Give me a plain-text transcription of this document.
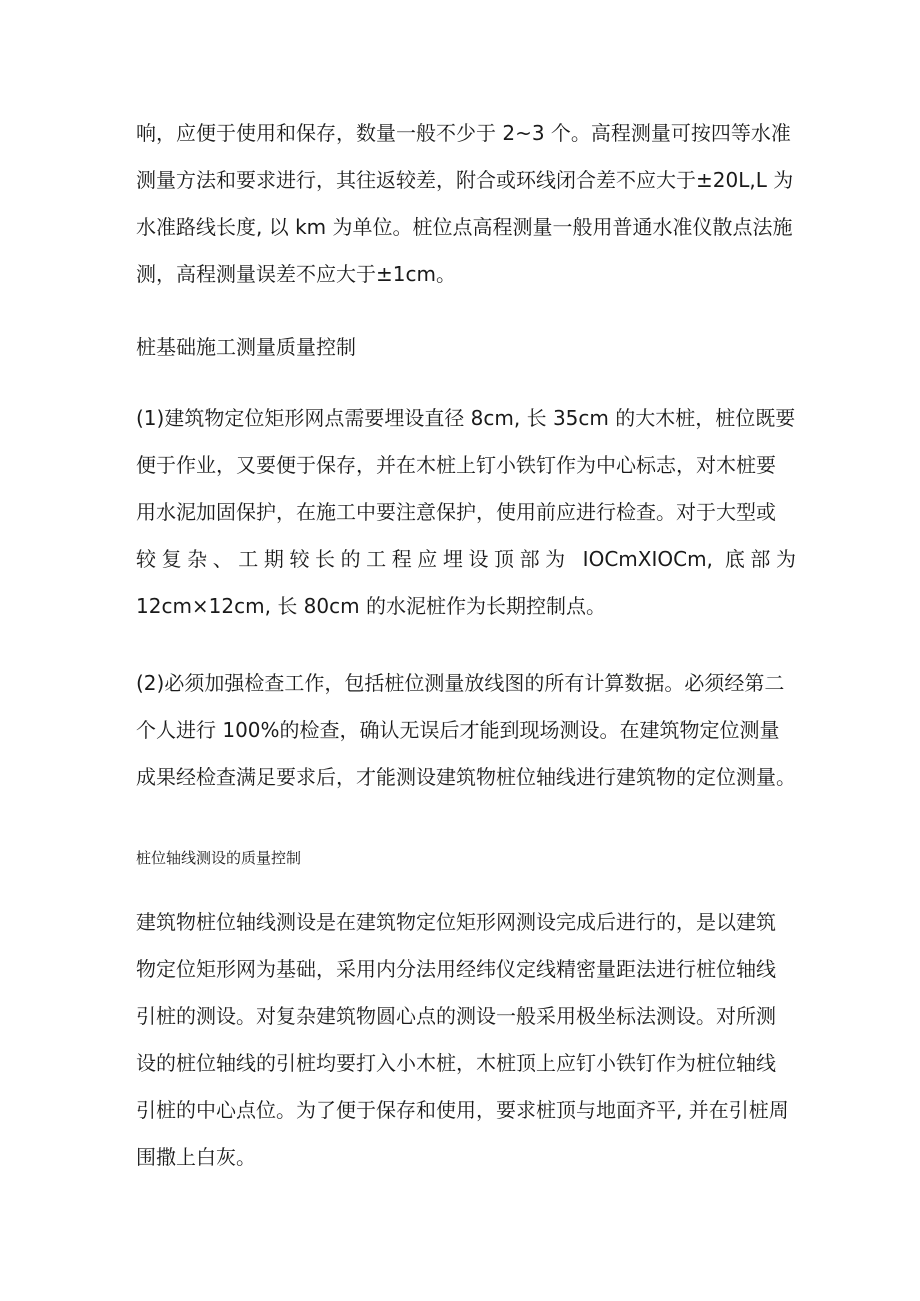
响，应便于使用和保存，数量一般不少于 2~3 个。高程测量可按四等水准
测量方法和要求进行，其往返较差，附合或环线闭合差不应大于±20L,L 为
水准路线长度, 以 km 为单位。桩位点高程测量一般用普通水准仪散点法施
测，高程测量误差不应大于±1cm。
桩基础施工测量质量控制
(1)建筑物定位矩形网点需要埋设直径 8cm, 长 35cm 的大木桩，桩位既要
便于作业，又要便于保存，并在木桩上钉小铁钉作为中心标志，对木桩要
用水泥加固保护，在施工中要注意保护，使用前应进行检查。对于大型或
较复杂、工期较长的工程应埋设顶部为 IOCmXIOCm, 底部为
12cm×12cm, 长 80cm 的水泥桩作为长期控制点。
(2)必须加强检查工作，包括桩位测量放线图的所有计算数据。必须经第二
个人进行 100%的检查，确认无误后才能到现场测设。在建筑物定位测量
成果经检查满足要求后，才能测设建筑物桩位轴线进行建筑物的定位测量。
桩位轴线测设的质量控制
建筑物桩位轴线测设是在建筑物定位矩形网测设完成后进行的，是以建筑
物定位矩形网为基础，采用内分法用经纬仪定线精密量距法进行桩位轴线
引桩的测设。对复杂建筑物圆心点的测设一般采用极坐标法测设。对所测
设的桩位轴线的引桩均要打入小木桩，木桩顶上应钉小铁钉作为桩位轴线
引桩的中心点位。为了便于保存和使用，要求桩顶与地面齐平, 并在引桩周
围撒上白灰。
